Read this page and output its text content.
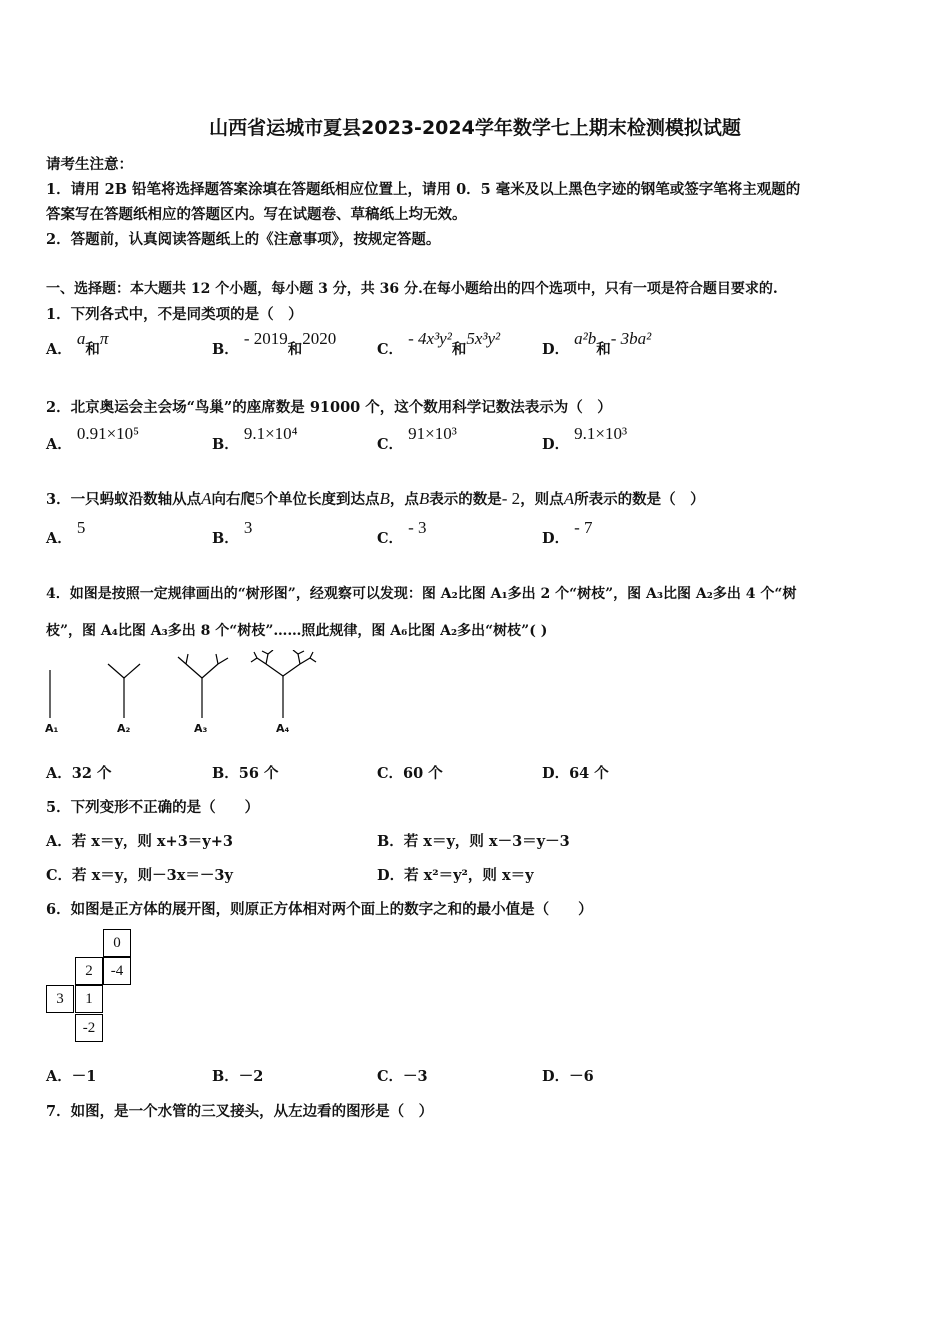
山西省运城市夏县2023-2024学年数学七上期末检测模拟试题
请考生注意：
1．请用 2B 铅笔将选择题答案涂填在答题纸相应位置上，请用 0．5 毫米及以上黑色字迹的钢笔或签字笔将主观题的
答案写在答题纸相应的答题区内。写在试题卷、草稿纸上均无效。
2．答题前，认真阅读答题纸上的《注意事项》，按规定答题。
一、选择题：本大题共 12 个小题，每小题 3 分，共 36 分.在每小题给出的四个选项中，只有一项是符合题目要求的.
1．下列各式中，不是同类项的是（　）
A． a和π
B． - 2019和2020
C． - 4x³y²和5x³y²
D． a²b和- 3ba²
2．北京奥运会主会场“鸟巢”的座席数是 91000 个，这个数用科学记数法表示为（　）
A． 0.91×10⁵
B． 9.1×10⁴
C． 91×10³
D． 9.1×10³
3．一只蚂蚁沿数轴从点A向右爬5个单位长度到达点B，点B表示的数是- 2，则点A所表示的数是（　）
A． 5
B． 3
C． - 3
D． - 7
4．如图是按照一定规律画出的“树形图”，经观察可以发现：图 A₂比图 A₁多出 2 个“树枝”，图 A₃比图 A₂多出 4 个“树
枝”，图 A₄比图 A₃多出 8 个“树枝”……照此规律，图 A₆比图 A₂多出“树枝”( )
A₁	A₂	A₃	A₄
A．32 个	B．56 个	C．60 个	D．64 个
5．下列变形不正确的是（　　）
A．若 x＝y，则 x+3＝y+3	B．若 x＝y，则 x－3＝y－3
C．若 x＝y，则－3x＝－3y	D．若 x²＝y²，则 x＝y
6．如图是正方体的展开图，则原正方体相对两个面上的数字之和的最小值是（　　）
0
2	-4
3	1
-2
A．－1	B．－2	C．－3	D．－6
7．如图，是一个水管的三叉接头，从左边看的图形是（　）
